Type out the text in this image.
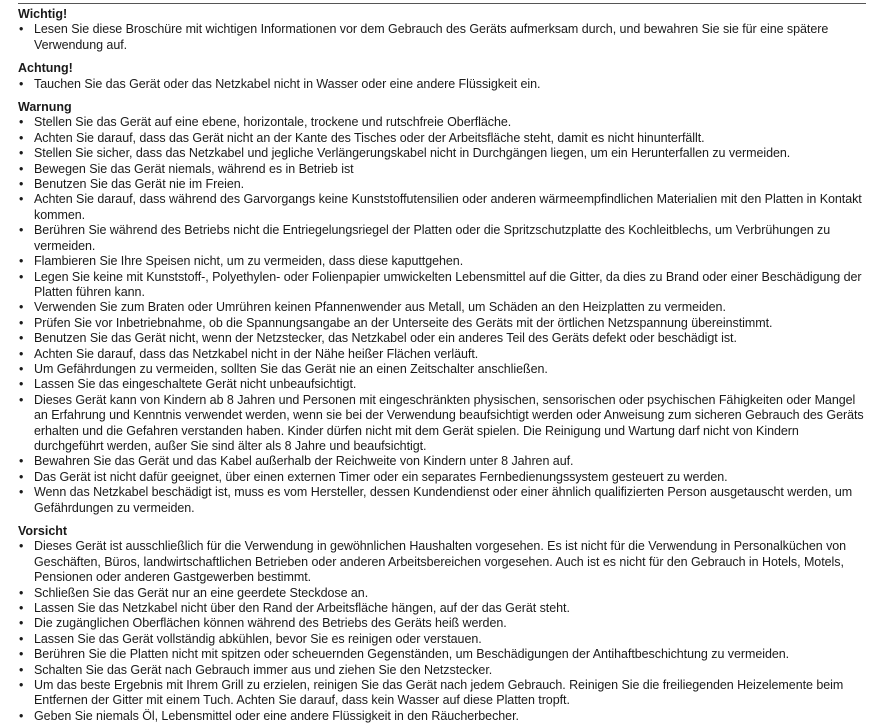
Wichtig!
• Lesen Sie diese Broschüre mit wichtigen Informationen vor dem Gebrauch des Geräts aufmerksam durch, und bewahren Sie sie für eine spätere Verwendung auf.
Achtung!
• Tauchen Sie das Gerät oder das Netzkabel nicht in Wasser oder eine andere Flüssigkeit ein.
Warnung
• Stellen Sie das Gerät auf eine ebene, horizontale, trockene und rutschfreie Oberfläche.
• Achten Sie darauf, dass das Gerät nicht an der Kante des Tisches oder der Arbeitsfläche steht, damit es nicht hinunterfällt.
• Stellen Sie sicher, dass das Netzkabel und jegliche Verlängerungskabel nicht in Durchgängen liegen, um ein Herunterfallen zu vermeiden.
• Bewegen Sie das Gerät niemals, während es in Betrieb ist
• Benutzen Sie das Gerät nie im Freien.
• Achten Sie darauf, dass während des Garvorgangs keine Kunststoffutensilien oder anderen wärmeempfindlichen Materialien mit den Platten in Kontakt kommen.
• Berühren Sie während des Betriebs nicht die Entriegelungsriegel der Platten oder die Spritzschutzplatte des Kochleitblechs, um Verbrühungen zu vermeiden.
• Flambieren Sie Ihre Speisen nicht, um zu vermeiden, dass diese kaputtgehen.
• Legen Sie keine mit Kunststoff-, Polyethylen- oder Folienpapier umwickelten Lebensmittel auf die Gitter, da dies zu Brand oder einer Beschädigung der Platten führen kann.
• Verwenden Sie zum Braten oder Umrühren keinen Pfannenwender aus Metall, um Schäden an den Heizplatten zu vermeiden.
• Prüfen Sie vor Inbetriebnahme, ob die Spannungsangabe an der Unterseite des Geräts mit der örtlichen Netzspannung übereinstimmt.
• Benutzen Sie das Gerät nicht, wenn der Netzstecker, das Netzkabel oder ein anderes Teil des Geräts defekt oder beschädigt ist.
• Achten Sie darauf, dass das Netzkabel nicht in der Nähe heißer Flächen verläuft.
• Um Gefährdungen zu vermeiden, sollten Sie das Gerät nie an einen Zeitschalter anschließen.
• Lassen Sie das eingeschaltete Gerät nicht unbeaufsichtigt.
• Dieses Gerät kann von Kindern ab 8 Jahren und Personen mit eingeschränkten physischen, sensorischen oder psychischen Fähigkeiten oder Mangel an Erfahrung und Kenntnis verwendet werden, wenn sie bei der Verwendung beaufsichtigt werden oder Anweisung zum sicheren Gebrauch des Geräts erhalten und die Gefahren verstanden haben. Kinder dürfen nicht mit dem Gerät spielen. Die Reinigung und Wartung darf nicht von Kindern durchgeführt werden, außer Sie sind älter als 8 Jahre und beaufsichtigt.
• Bewahren Sie das Gerät und das Kabel außerhalb der Reichweite von Kindern unter 8 Jahren auf.
• Das Gerät ist nicht dafür geeignet, über einen externen Timer oder ein separates Fernbedienungssystem gesteuert zu werden.
• Wenn das Netzkabel beschädigt ist, muss es vom Hersteller, dessen Kundendienst oder einer ähnlich qualifizierten Person ausgetauscht werden, um Gefährdungen zu vermeiden.
Vorsicht
• Dieses Gerät ist ausschließlich für die Verwendung in gewöhnlichen Haushalten vorgesehen. Es ist nicht für die Verwendung in Personalküchen von Geschäften, Büros, landwirtschaftlichen Betrieben oder anderen Arbeitsbereichen vorgesehen. Auch ist es nicht für den Gebrauch in Hotels, Motels, Pensionen oder anderen Gastgewerben bestimmt.
• Schließen Sie das Gerät nur an eine geerdete Steckdose an.
• Lassen Sie das Netzkabel nicht über den Rand der Arbeitsfläche hängen, auf der das Gerät steht.
• Die zugänglichen Oberflächen können während des Betriebs des Geräts heiß werden.
• Lassen Sie das Gerät vollständig abkühlen, bevor Sie es reinigen oder verstauen.
• Berühren Sie die Platten nicht mit spitzen oder scheuernden Gegenständen, um Beschädigungen der Antihaftbeschichtung zu vermeiden.
• Schalten Sie das Gerät nach Gebrauch immer aus und ziehen Sie den Netzstecker.
• Um das beste Ergebnis mit Ihrem Grill zu erzielen, reinigen Sie das Gerät nach jedem Gebrauch. Reinigen Sie die freiliegenden Heizelemente beim Entfernen der Gitter mit einem Tuch. Achten Sie darauf, dass kein Wasser auf diese Platten tropft.
• Geben Sie niemals Öl, Lebensmittel oder eine andere Flüssigkeit in den Räucherbecher.
